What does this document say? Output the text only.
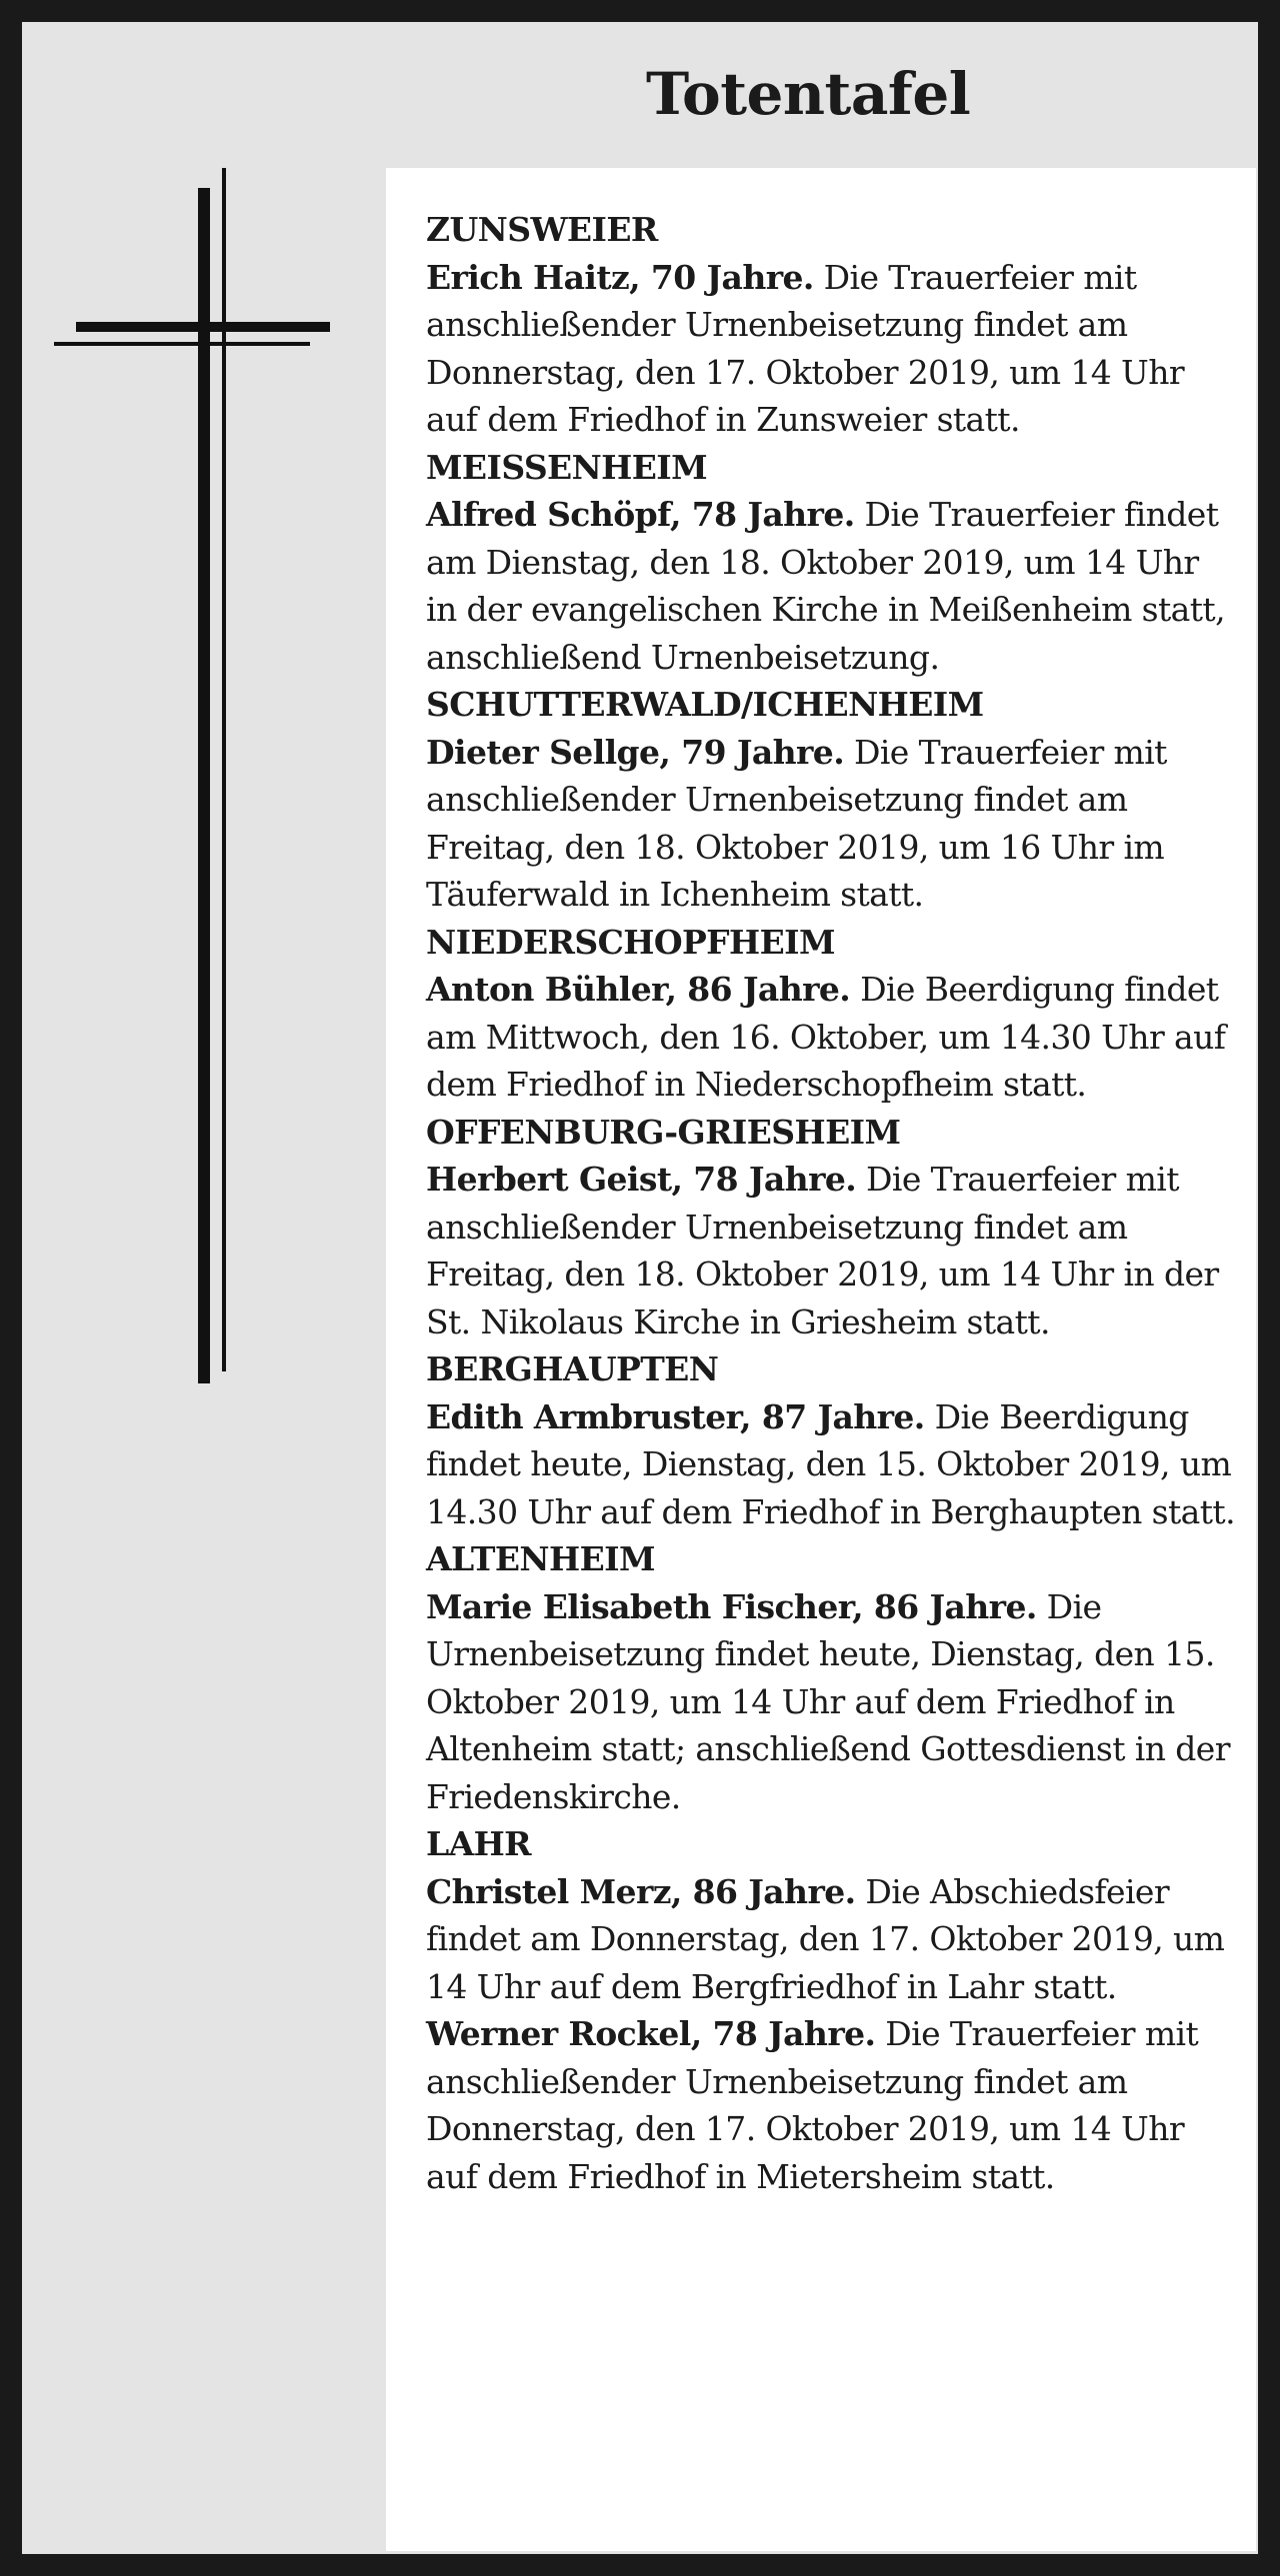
Totentafel

ZUNSWEIER

Erich Haitz, 70 Jahre. Die Trauerfeier mit anschließender Urnenbeisetzung findet am Donnerstag, den 17. Oktober 2019, um 14 Uhr auf dem Friedhof in Zunsweier statt.

MEISSENHEIM

Alfred Schöpf, 78 Jahre. Die Trauerfeier findet am Dienstag, den 18. Oktober 2019, um 14 Uhr in der evangelischen Kirche in Meißenheim statt, anschließend Urnenbeisetzung.

SCHUTTERWALD/ICHENHEIM

Dieter Sellge, 79 Jahre. Die Trauerfeier mit anschließender Urnenbeisetzung findet am Freitag, den 18. Oktober 2019, um 16 Uhr im Täuferwald in Ichenheim statt.

NIEDERSCHOPFHEIM

Anton Bühler, 86 Jahre. Die Beerdigung findet am Mittwoch, den 16. Oktober, um 14.30 Uhr auf dem Friedhof in Niederschopfheim statt.

OFFENBURG-GRIESHEIM

Herbert Geist, 78 Jahre. Die Trauerfeier mit anschließender Urnenbeisetzung findet am Freitag, den 18. Oktober 2019, um 14 Uhr in der St. Nikolaus Kirche in Griesheim statt.

BERGHAUPTEN

Edith Armbruster, 87 Jahre. Die Beerdigung findet heute, Dienstag, den 15. Oktober 2019, um 14.30 Uhr auf dem Friedhof in Berghaupten statt.

ALTENHEIM

Marie Elisabeth Fischer, 86 Jahre. Die Urnenbeisetzung findet heute, Dienstag, den 15. Oktober 2019, um 14 Uhr auf dem Friedhof in Altenheim statt; anschließend Gottesdienst in der Friedenskirche.

LAHR

Christel Merz, 86 Jahre. Die Abschiedsfeier findet am Donnerstag, den 17. Oktober 2019, um 14 Uhr auf dem Bergfriedhof in Lahr statt.

Werner Rockel, 78 Jahre. Die Trauerfeier mit anschließender Urnenbeisetzung findet am Donnerstag, den 17. Oktober 2019, um 14 Uhr auf dem Friedhof in Mietersheim statt.
